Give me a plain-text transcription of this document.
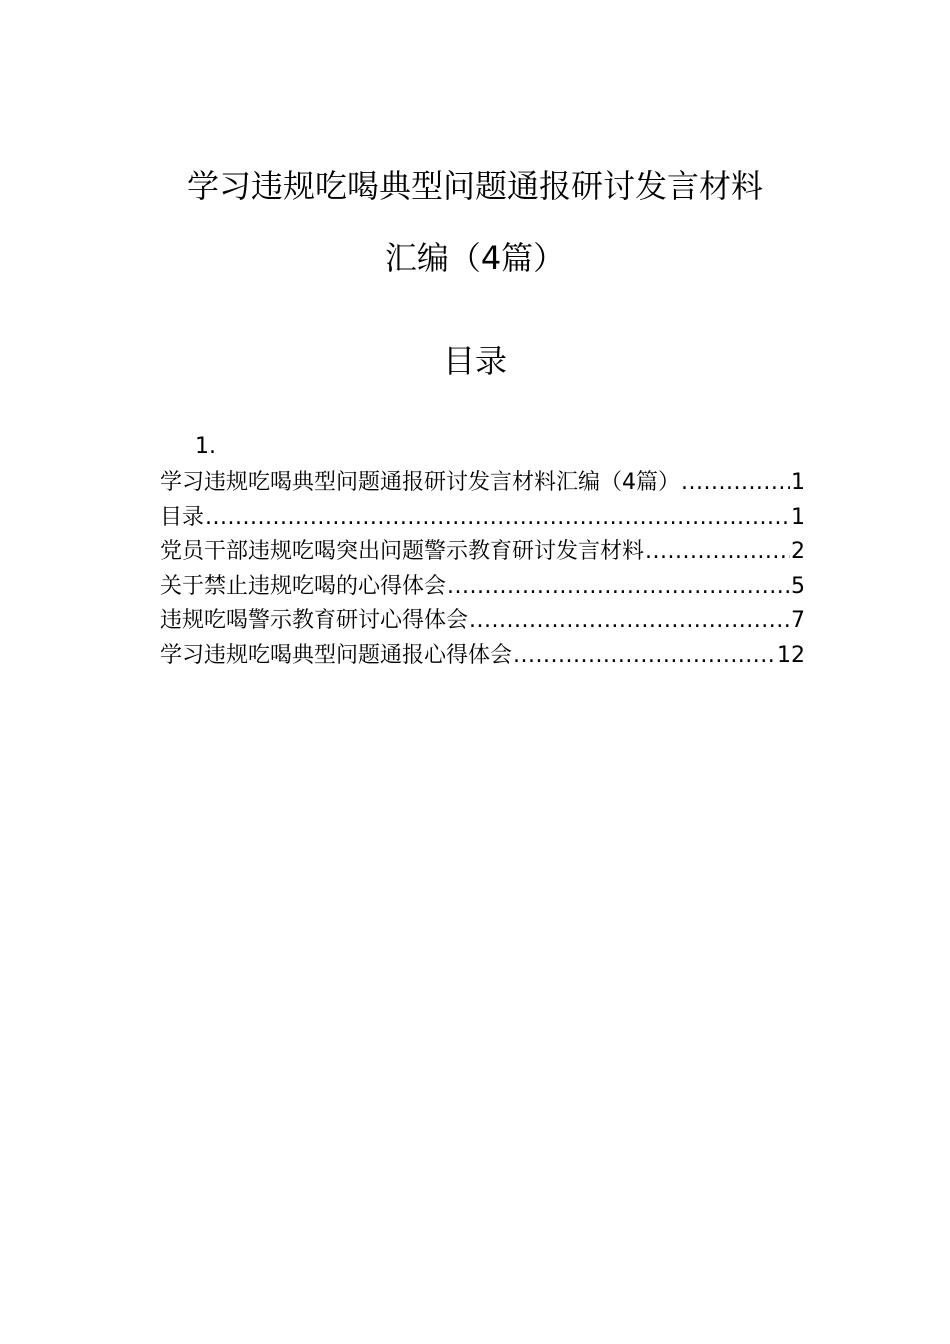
学习违规吃喝典型问题通报研讨发言材料
汇编（4篇）
目录
1.
学习违规吃喝典型问题通报研讨发言材料汇编（4篇） .....	1
目录 .....	1
党员干部违规吃喝突出问题警示教育研讨发言材料 .....	2
关于禁止违规吃喝的心得体会 .....	5
违规吃喝警示教育研讨心得体会 .....	7
学习违规吃喝典型问题通报心得体会 .....	12
